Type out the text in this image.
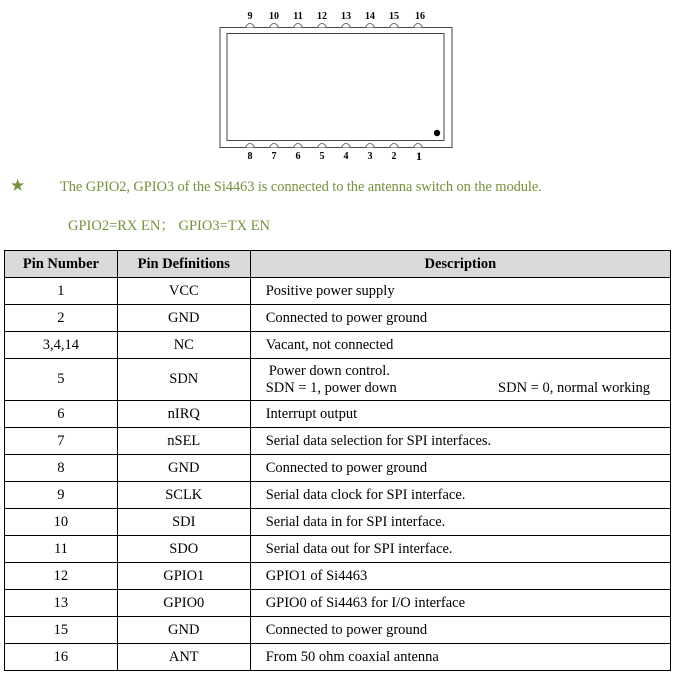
9	10	11	12	13	14	15	16
8	7	6	5	4	3	2	1
★ The GPIO2, GPIO3 of the Si4463 is connected to the antenna switch on the module.
GPIO2=RX EN； GPIO3=TX EN
Pin Number	Pin Definitions	Description
1	VCC	Positive power supply
2	GND	Connected to power ground
3,4,14	NC	Vacant, not connected
5	SDN	Power down control.
SDN = 1, power down SDN = 0, normal working

6	nIRQ	Interrupt output
7	nSEL	Serial data selection for SPI interfaces.
8	GND	Connected to power ground
9	SCLK	Serial data clock for SPI interface.
10	SDI	Serial data in for SPI interface.
11	SDO	Serial data out for SPI interface.
12	GPIO1	GPIO1 of Si4463
13	GPIO0	GPIO0 of Si4463 for I/O interface
15	GND	Connected to power ground
16	ANT	From 50 ohm coaxial antenna
